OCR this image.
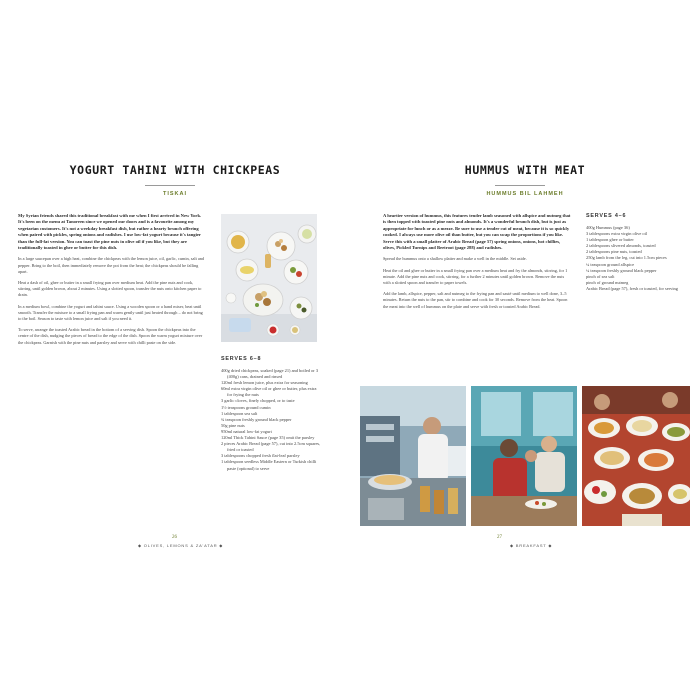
YOGURT TAHINI WITH CHICKPEAS
TISKAI

My Syrian friends shared this traditional breakfast with me when I first arrived in New York. It's been on the menu at Tanoreen since we opened our doors and is a favourite among my vegetarian customers. It's not a weekday breakfast dish, but rather a hearty brunch offering when paired with pickles, spring onions and radishes. I use low-fat yogurt because it's tangier than the full-fat version. You can toast the pine nuts in olive oil if you like, but they are traditionally toasted in ghee or butter for this dish.

In a large saucepan over a high heat, combine the chickpeas with the lemon juice, oil, garlic, cumin, salt and pepper. Bring to the boil, then immediately remove the pot from the heat; the chickpeas should be falling apart.

Heat a dash of oil, ghee or butter in a small frying pan over medium heat. Add the pine nuts and cook, stirring, until golden brown, about 2 minutes. Using a slotted spoon, transfer the nuts onto kitchen paper to drain.

In a medium bowl, combine the yogurt and tahini sauce. Using a wooden spoon or a hand mixer, beat until smooth. Transfer the mixture to a small frying pan and warm gently until just heated through – do not bring to the boil. Season to taste with lemon juice and salt if you need it.

To serve, arrange the toasted Arabic bread in the bottom of a serving dish. Spoon the chickpeas into the centre of the dish, nudging the pieces of bread to the edge of the dish. Spoon the warm yogurt mixture over the chickpeas. Garnish with the pine nuts and parsley and serve with chilli paste on the side.

SERVES 6–8
400g dried chickpeas, soaked (page 21) and boiled or 3 (400g) cans, drained and rinsed
120ml fresh lemon juice, plus extra for seasoning
60ml extra virgin olive oil or ghee or butter, plus extra for frying the nuts
3 garlic cloves, finely chopped, or to taste
1½ teaspoons ground cumin
1 tablespoon sea salt
¾ teaspoon freshly ground black pepper
50g pine nuts
950ml natural low-fat yogurt
120ml Thick Tahini Sauce (page 35) omit the parsley
2 pieces Arabic Bread (page 57), cut into 2.5cm squares, fried or toasted
3 tablespoons chopped fresh flat-leaf parsley
1 tablespoon seedless Middle Eastern or Turkish chilli paste (optional) to serve
26
◆ OLIVES, LEMONS & ZA'ATAR ◆
HUMMUS WITH MEAT
HUMMUS BIL LAHMEH

A heartier version of hummus, this features tender lamb seasoned with allspice and nutmeg that is then topped with toasted pine nuts and almonds. It's a wonderful brunch dish, but is just as appropriate for lunch or as a mezze. Be sure to use a tender cut of meat, because it is so quickly cooked. I always use more olive oil than butter, but you can swap the proportions if you like. Serve this with a small platter of Arabic Bread (page 57) spring onions, onions, hot chillies, olives, Pickled Turnips and Beetroot (page 288) and radishes.

Spread the hummus onto a shallow platter and make a well in the middle. Set aside.

Heat the oil and ghee or butter in a small frying pan over a medium heat and fry the almonds, stirring, for 1 minute. Add the pine nuts and cook, stirring, for a further 2 minutes until golden brown. Remove the nuts with a slotted spoon and transfer to paper towels.

Add the lamb, allspice, pepper, salt and nutmeg to the frying pan and sauté until medium to well done, 3–5 minutes. Return the nuts to the pan, stir to combine and cook for 30 seconds. Remove from the heat. Spoon the meat into the well of hummus on the plate and serve with fresh or toasted Arabic Bread.

SERVES 4–6
400g Hummus (page 36)
3 tablespoons extra virgin olive oil
1 tablespoon ghee or butter
2 tablespoons slivered almonds, toasted
2 tablespoons pine nuts, toasted
250g lamb from the leg, cut into 1.5cm pieces
¼ teaspoon ground allspice
¼ teaspoon freshly ground black pepper
pinch of sea salt
pinch of ground nutmeg
Arabic Bread (page 57), fresh or toasted, for serving
27
◆ BREAKFAST ◆
